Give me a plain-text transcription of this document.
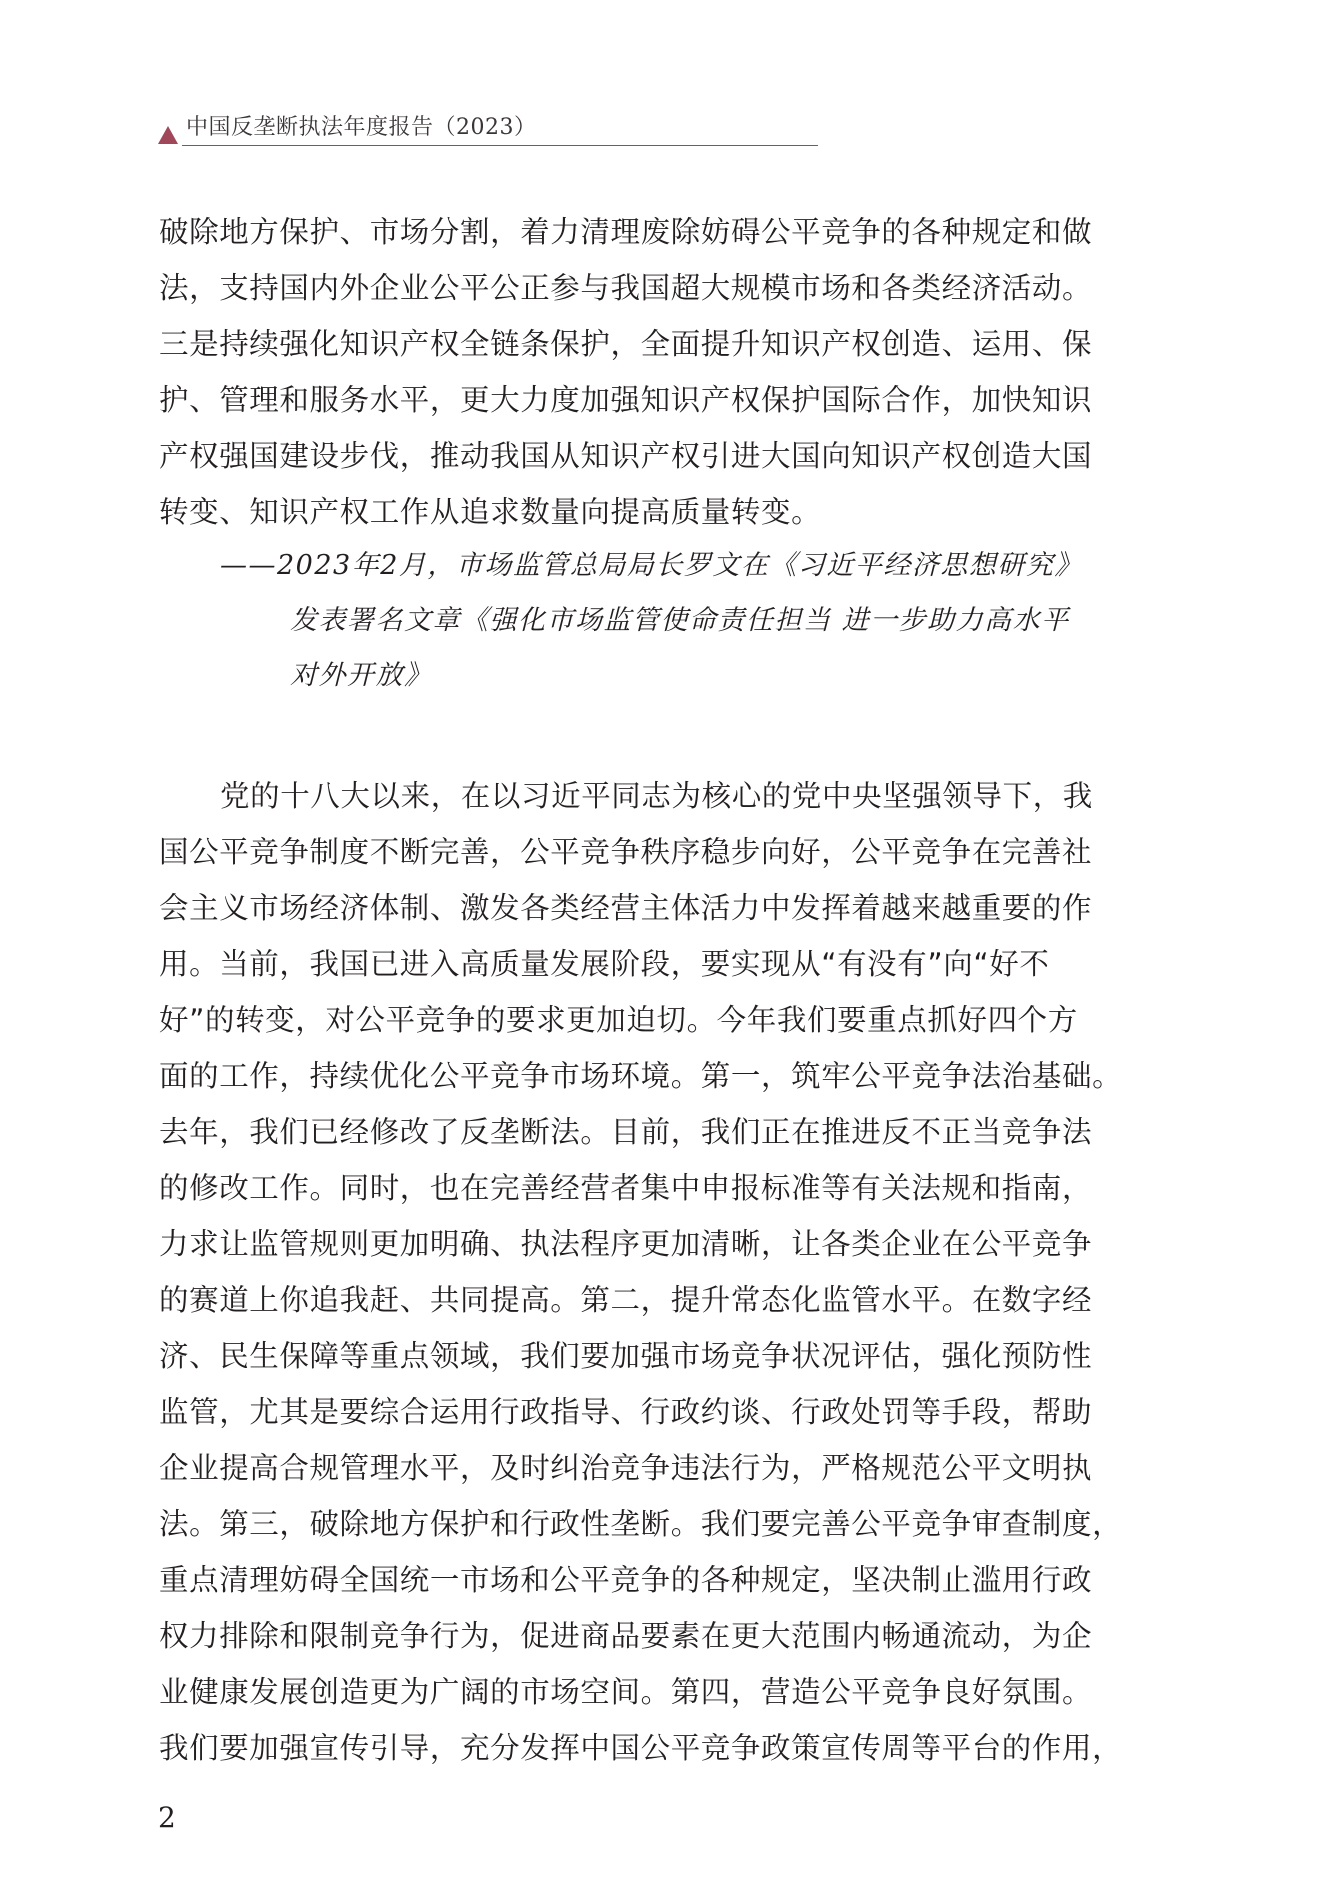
中国反垄断执法年度报告（2023）
破除地方保护、市场分割，着力清理废除妨碍公平竞争的各种规定和做
法，支持国内外企业公平公正参与我国超大规模市场和各类经济活动。
三是持续强化知识产权全链条保护，全面提升知识产权创造、运用、保
护、管理和服务水平，更大力度加强知识产权保护国际合作，加快知识
产权强国建设步伐，推动我国从知识产权引进大国向知识产权创造大国
转变、知识产权工作从追求数量向提高质量转变。
——2023年2月，市场监管总局局长罗文在《习近平经济思想研究》
发表署名文章《强化市场监管使命责任担当 进一步助力高水平
对外开放》
党的十八大以来，在以习近平同志为核心的党中央坚强领导下，我
国公平竞争制度不断完善，公平竞争秩序稳步向好，公平竞争在完善社
会主义市场经济体制、激发各类经营主体活力中发挥着越来越重要的作
用。当前，我国已进入高质量发展阶段，要实现从“有没有”向“好不
好”的转变，对公平竞争的要求更加迫切。今年我们要重点抓好四个方
面的工作，持续优化公平竞争市场环境。第一，筑牢公平竞争法治基础。
去年，我们已经修改了反垄断法。目前，我们正在推进反不正当竞争法
的修改工作。同时，也在完善经营者集中申报标准等有关法规和指南，
力求让监管规则更加明确、执法程序更加清晰，让各类企业在公平竞争
的赛道上你追我赶、共同提高。第二，提升常态化监管水平。在数字经
济、民生保障等重点领域，我们要加强市场竞争状况评估，强化预防性
监管，尤其是要综合运用行政指导、行政约谈、行政处罚等手段，帮助
企业提高合规管理水平，及时纠治竞争违法行为，严格规范公平文明执
法。第三，破除地方保护和行政性垄断。我们要完善公平竞争审查制度，
重点清理妨碍全国统一市场和公平竞争的各种规定，坚决制止滥用行政
权力排除和限制竞争行为，促进商品要素在更大范围内畅通流动，为企
业健康发展创造更为广阔的市场空间。第四，营造公平竞争良好氛围。
我们要加强宣传引导，充分发挥中国公平竞争政策宣传周等平台的作用，
2
